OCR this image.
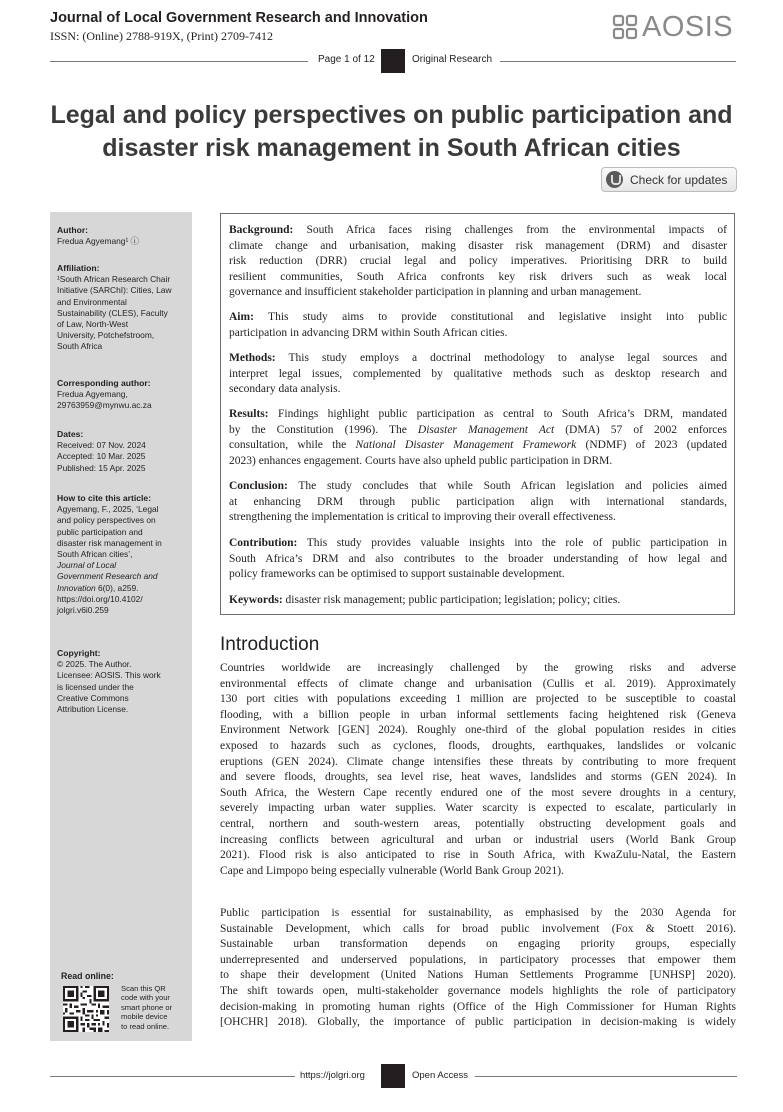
Journal of Local Government Research and Innovation
ISSN: (Online) 2788-919X, (Print) 2709-7412	AOSIS
Page 1 of 12	Original Research
Legal and policy perspectives on public participation and
disaster risk management in South African cities
Check for updates
Author:
Fredua Agyemang¹ ⓘ
Affiliation:
¹South African Research Chair
Initiative (SARChI): Cities, Law
and Environmental
Sustainability (CLES), Faculty
of Law, North-West
University, Potchefstroom,
South Africa
Corresponding author:
Fredua Agyemang,
29763959@mynwu.ac.za
Dates:
Received: 07 Nov. 2024
Accepted: 10 Mar. 2025
Published: 15 Apr. 2025
How to cite this article:
Agyemang, F., 2025, ‘Legal
and policy perspectives on
public participation and
disaster risk management in
South African cities’,
Journal of Local
Government Research and
Innovation 6(0), a259.
https://doi.org/10.4102/
jolgri.v6i0.259
Copyright:
© 2025. The Author.
Licensee: AOSIS. This work
is licensed under the
Creative Commons
Attribution License.
Read online:
Scan this QR
code with your
smart phone or
mobile device
to read online.
Background: South Africa faces rising challenges from the environmental impacts of
climate change and urbanisation, making disaster risk management (DRM) and disaster
risk reduction (DRR) crucial legal and policy imperatives. Prioritising DRR to build
resilient communities, South Africa confronts key risk drivers such as weak local
governance and insufficient stakeholder participation in planning and urban management.
Aim: This study aims to provide constitutional and legislative insight into public
participation in advancing DRM within South African cities.
Methods: This study employs a doctrinal methodology to analyse legal sources and
interpret legal issues, complemented by qualitative methods such as desktop research and
secondary data analysis.
Results: Findings highlight public participation as central to South Africa’s DRM, mandated
by the Constitution (1996). The Disaster Management Act (DMA) 57 of 2002 enforces
consultation, while the National Disaster Management Framework (NDMF) of 2023 (updated
2023) enhances engagement. Courts have also upheld public participation in DRM.
Conclusion: The study concludes that while South African legislation and policies aimed
at enhancing DRM through public participation align with international standards,
strengthening the implementation is critical to improving their overall effectiveness.
Contribution: This study provides valuable insights into the role of public participation in
South Africa’s DRM and also contributes to the broader understanding of how legal and
policy frameworks can be optimised to support sustainable development.
Keywords: disaster risk management; public participation; legislation; policy; cities.
Introduction
Countries worldwide are increasingly challenged by the growing risks and adverse
environmental effects of climate change and urbanisation (Cullis et al. 2019). Approximately
130 port cities with populations exceeding 1 million are projected to be susceptible to coastal
flooding, with a billion people in urban informal settlements facing heightened risk (Geneva
Environment Network [GEN] 2024). Roughly one-third of the global population resides in cities
exposed to hazards such as cyclones, floods, droughts, earthquakes, landslides or volcanic
eruptions (GEN 2024). Climate change intensifies these threats by contributing to more frequent
and severe floods, droughts, sea level rise, heat waves, landslides and storms (GEN 2024). In
South Africa, the Western Cape recently endured one of the most severe droughts in a century,
severely impacting urban water supplies. Water scarcity is expected to escalate, particularly in
central, northern and south-western areas, potentially obstructing development goals and
increasing conflicts between agricultural and urban or industrial users (World Bank Group
2021). Flood risk is also anticipated to rise in South Africa, with KwaZulu-Natal, the Eastern
Cape and Limpopo being especially vulnerable (World Bank Group 2021).
Public participation is essential for sustainability, as emphasised by the 2030 Agenda for
Sustainable Development, which calls for broad public involvement (Fox & Stoett 2016).
Sustainable urban transformation depends on engaging priority groups, especially
underrepresented and underserved populations, in participatory processes that empower them
to shape their development (United Nations Human Settlements Programme [UNHSP] 2020).
The shift towards open, multi-stakeholder governance models highlights the role of participatory
decision-making in promoting human rights (Office of the High Commissioner for Human Rights
[OHCHR] 2018). Globally, the importance of public participation in decision-making is widely
https://jolgri.org	Open Access
